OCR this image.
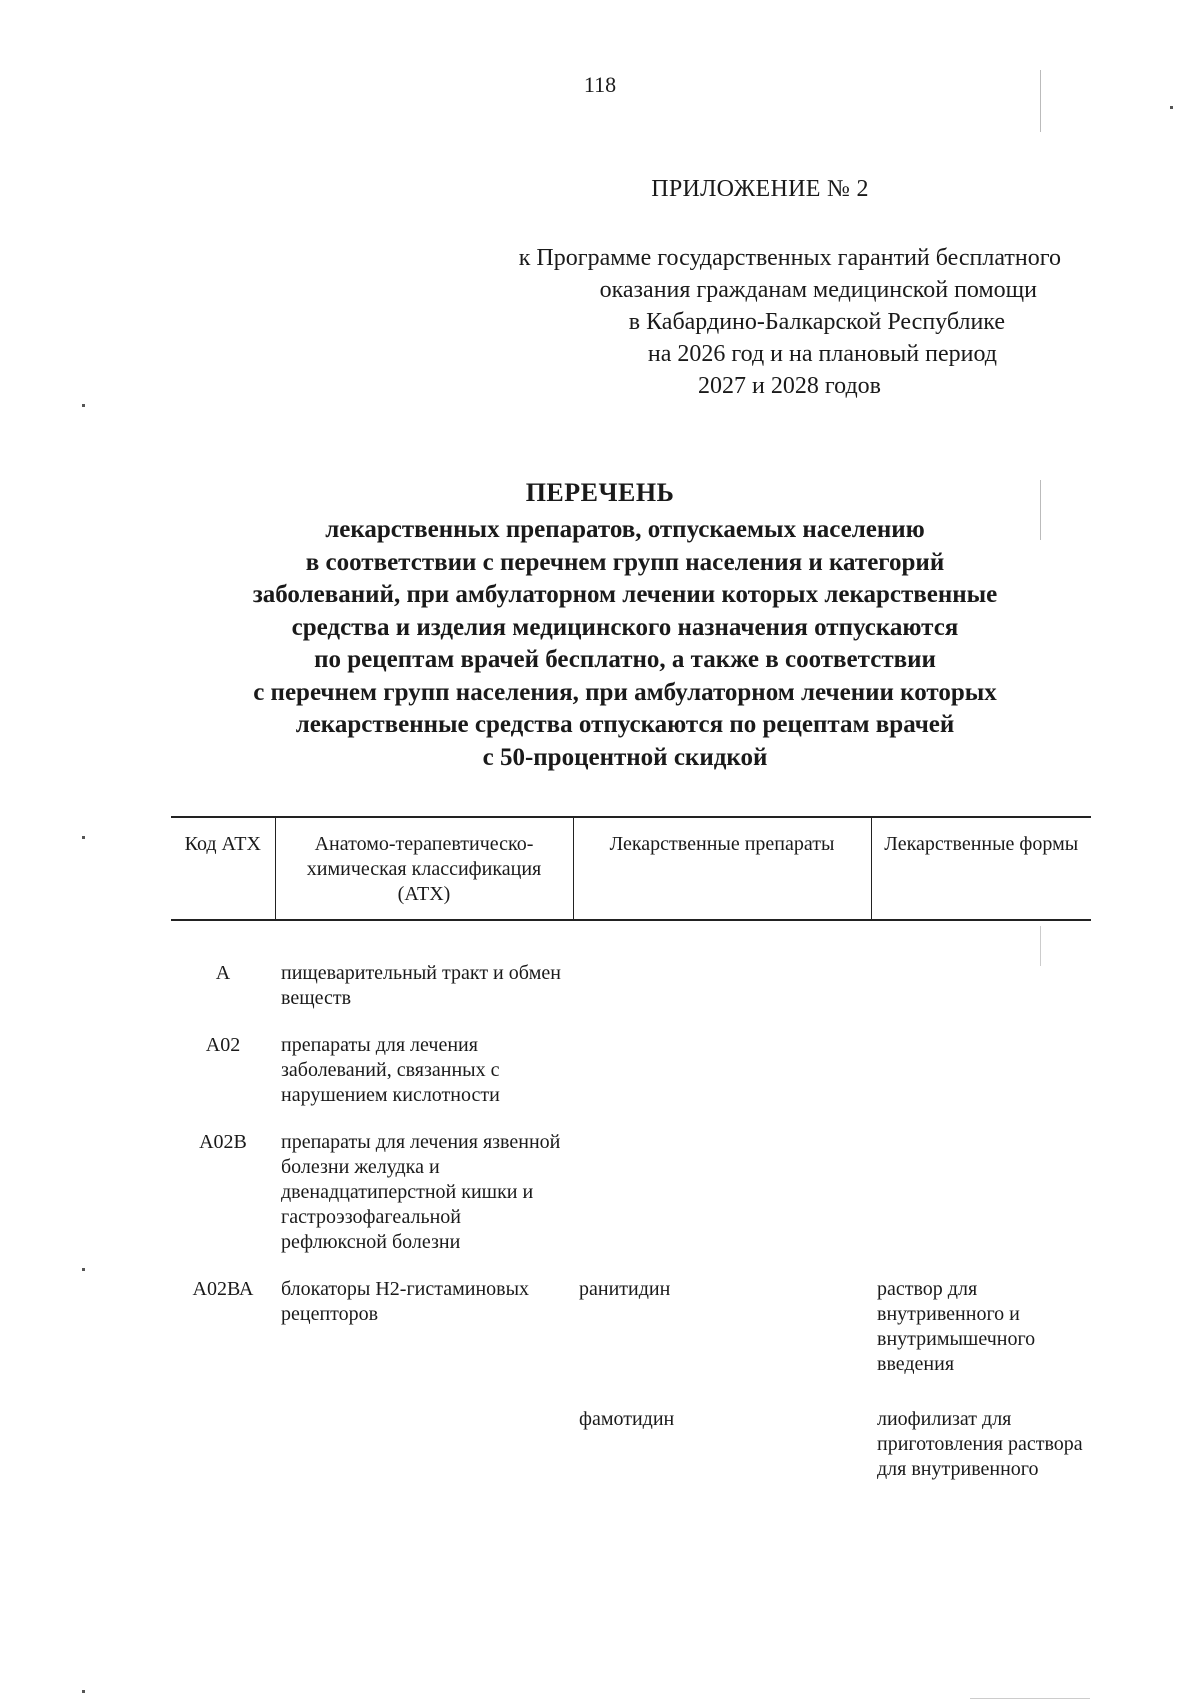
118
ПРИЛОЖЕНИЕ № 2
к Программе государственных гарантий бесплатного
оказания гражданам медицинской помощи
в Кабардино-Балкарской Республике
на 2026 год и на плановый период
2027 и 2028 годов
ПЕРЕЧЕНЬ
лекарственных препаратов, отпускаемых населению
в соответствии с перечнем групп населения и категорий
заболеваний, при амбулаторном лечении которых лекарственные
средства и изделия медицинского назначения отпускаются
по рецептам врачей бесплатно, а также в соответствии
с перечнем групп населения, при амбулаторном лечении которых
лекарственные средства отпускаются по рецептам врачей
с 50-процентной скидкой
Код АТХ	Анатомо-терапевтическо-химическая классификация (АТХ)	Лекарственные препараты	Лекарственные формы
А	пищеварительный тракт и обмен веществ		
А02	препараты для лечения заболеваний, связанных с нарушением кислотности		
А02В	препараты для лечения язвенной болезни желудка и двенадцатиперстной кишки и гастроэзофагеальной рефлюксной болезни		
А02ВА	блокаторы Н2-гистаминовых рецепторов	ранитидин	раствор для внутривенного и внутримышечного введения
		фамотидин	лиофилизат для приготовления раствора для внутривенного
